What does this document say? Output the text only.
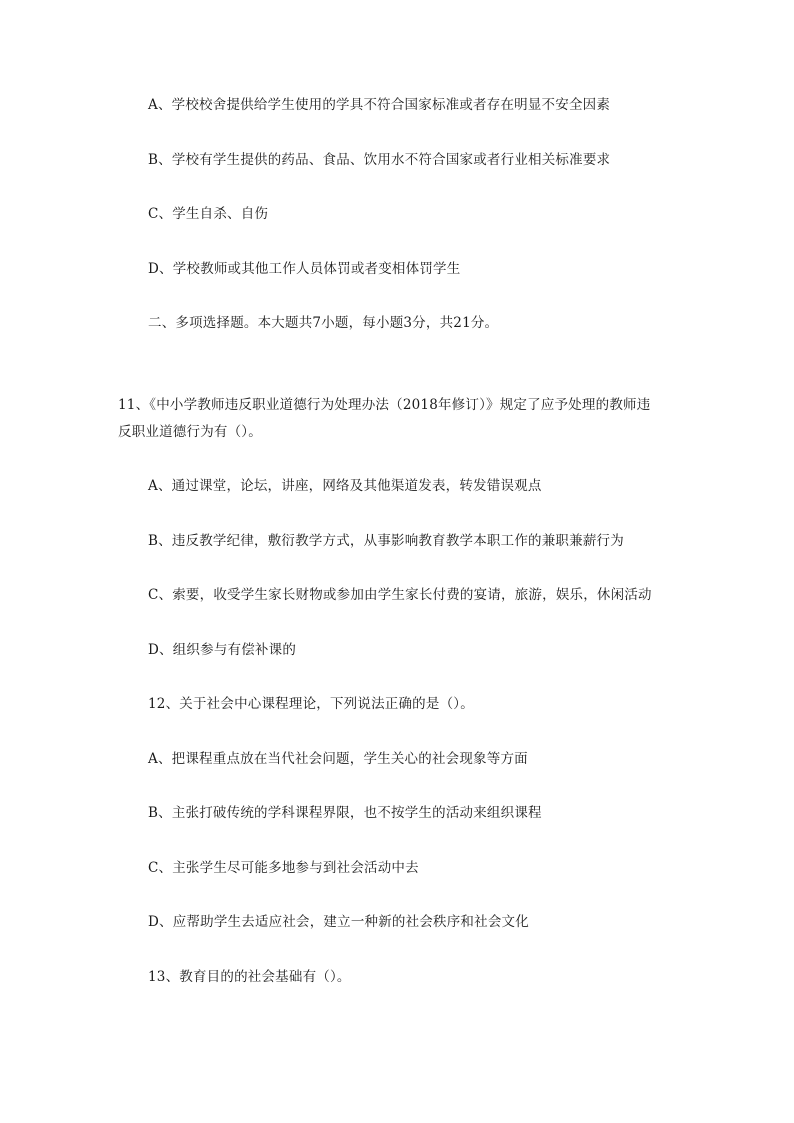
A、学校校舍提供给学生使用的学具不符合国家标准或者存在明显不安全因素
B、学校有学生提供的药品、食品、饮用水不符合国家或者行业相关标准要求
C、学生自杀、自伤
D、学校教师或其他工作人员体罚或者变相体罚学生
二、多项选择题。本大题共7小题，每小题3分，共21分。
11、《中小学教师违反职业道德行为处理办法（2018年修订）》规定了应予处理的教师违
反职业道德行为有（）。
A、通过课堂，论坛，讲座，网络及其他渠道发表，转发错误观点
B、违反教学纪律，敷衍教学方式，从事影响教育教学本职工作的兼职兼薪行为
C、索要，收受学生家长财物或参加由学生家长付费的宴请，旅游，娱乐，休闲活动
D、组织参与有偿补课的
12、关于社会中心课程理论，下列说法正确的是（）。
A、把课程重点放在当代社会问题，学生关心的社会现象等方面
B、主张打破传统的学科课程界限，也不按学生的活动来组织课程
C、主张学生尽可能多地参与到社会活动中去
D、应帮助学生去适应社会，建立一种新的社会秩序和社会文化
13、教育目的的社会基础有（）。
